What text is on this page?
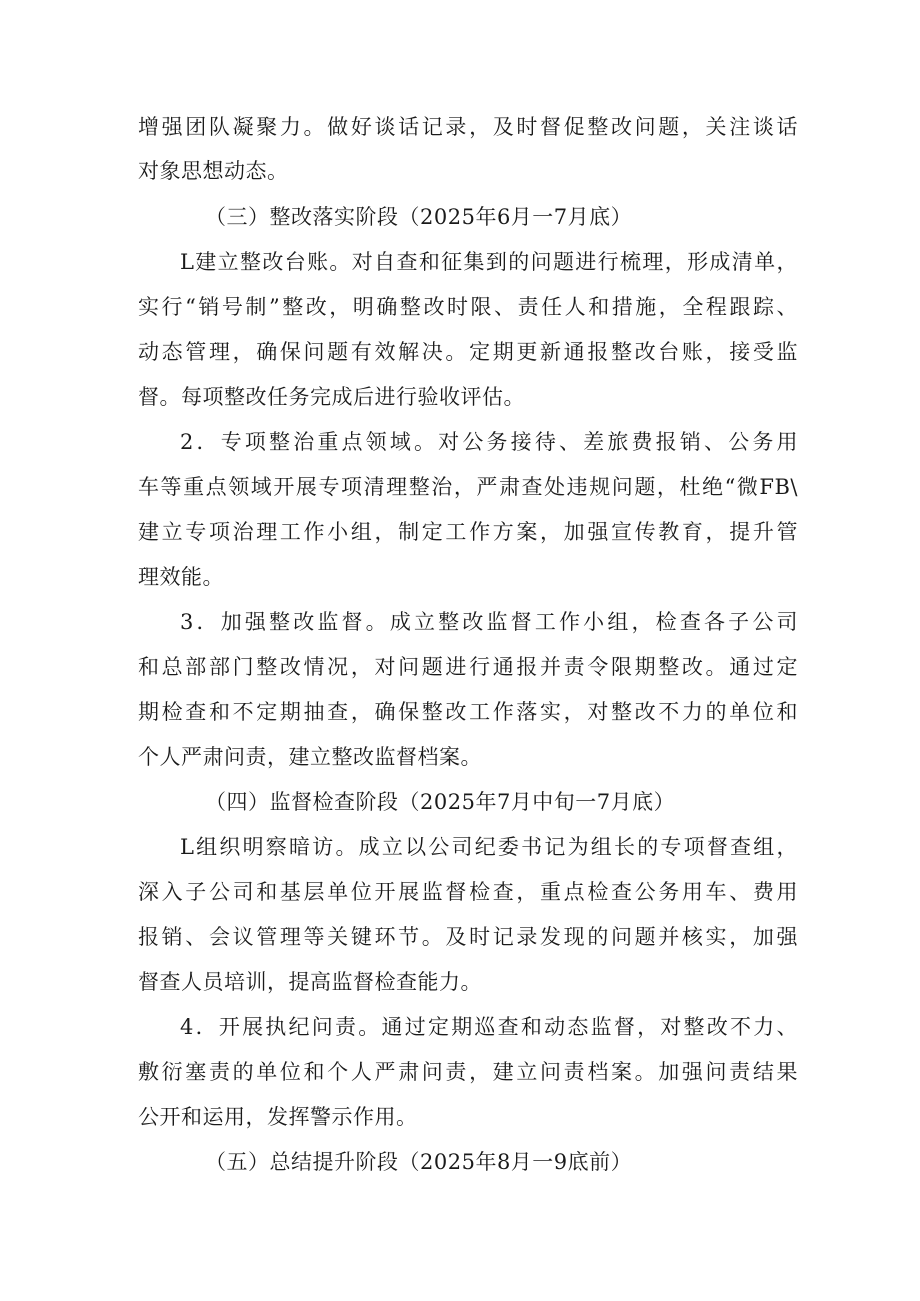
增强团队凝聚力。做好谈话记录，及时督促整改问题，关注谈话
对象思想动态。
（三）整改落实阶段（2025年6月一7月底）
L建立整改台账。对自查和征集到的问题进行梳理，形成清单，
实行“销号制”整改，明确整改时限、责任人和措施，全程跟踪、
动态管理，确保问题有效解决。定期更新通报整改台账，接受监
督。每项整改任务完成后进行验收评估。
2．专项整治重点领域。对公务接待、差旅费报销、公务用
车等重点领域开展专项清理整治，严肃查处违规问题，杜绝“微FB\
建立专项治理工作小组，制定工作方案，加强宣传教育，提升管
理效能。
3．加强整改监督。成立整改监督工作小组，检查各子公司
和总部部门整改情况，对问题进行通报并责令限期整改。通过定
期检查和不定期抽查，确保整改工作落实，对整改不力的单位和
个人严肃问责，建立整改监督档案。
（四）监督检查阶段（2025年7月中旬一7月底）
L组织明察暗访。成立以公司纪委书记为组长的专项督查组，
深入子公司和基层单位开展监督检查，重点检查公务用车、费用
报销、会议管理等关键环节。及时记录发现的问题并核实，加强
督查人员培训，提高监督检查能力。
4．开展执纪问责。通过定期巡查和动态监督，对整改不力、
敷衍塞责的单位和个人严肃问责，建立问责档案。加强问责结果
公开和运用，发挥警示作用。
（五）总结提升阶段（2025年8月一9底前）
